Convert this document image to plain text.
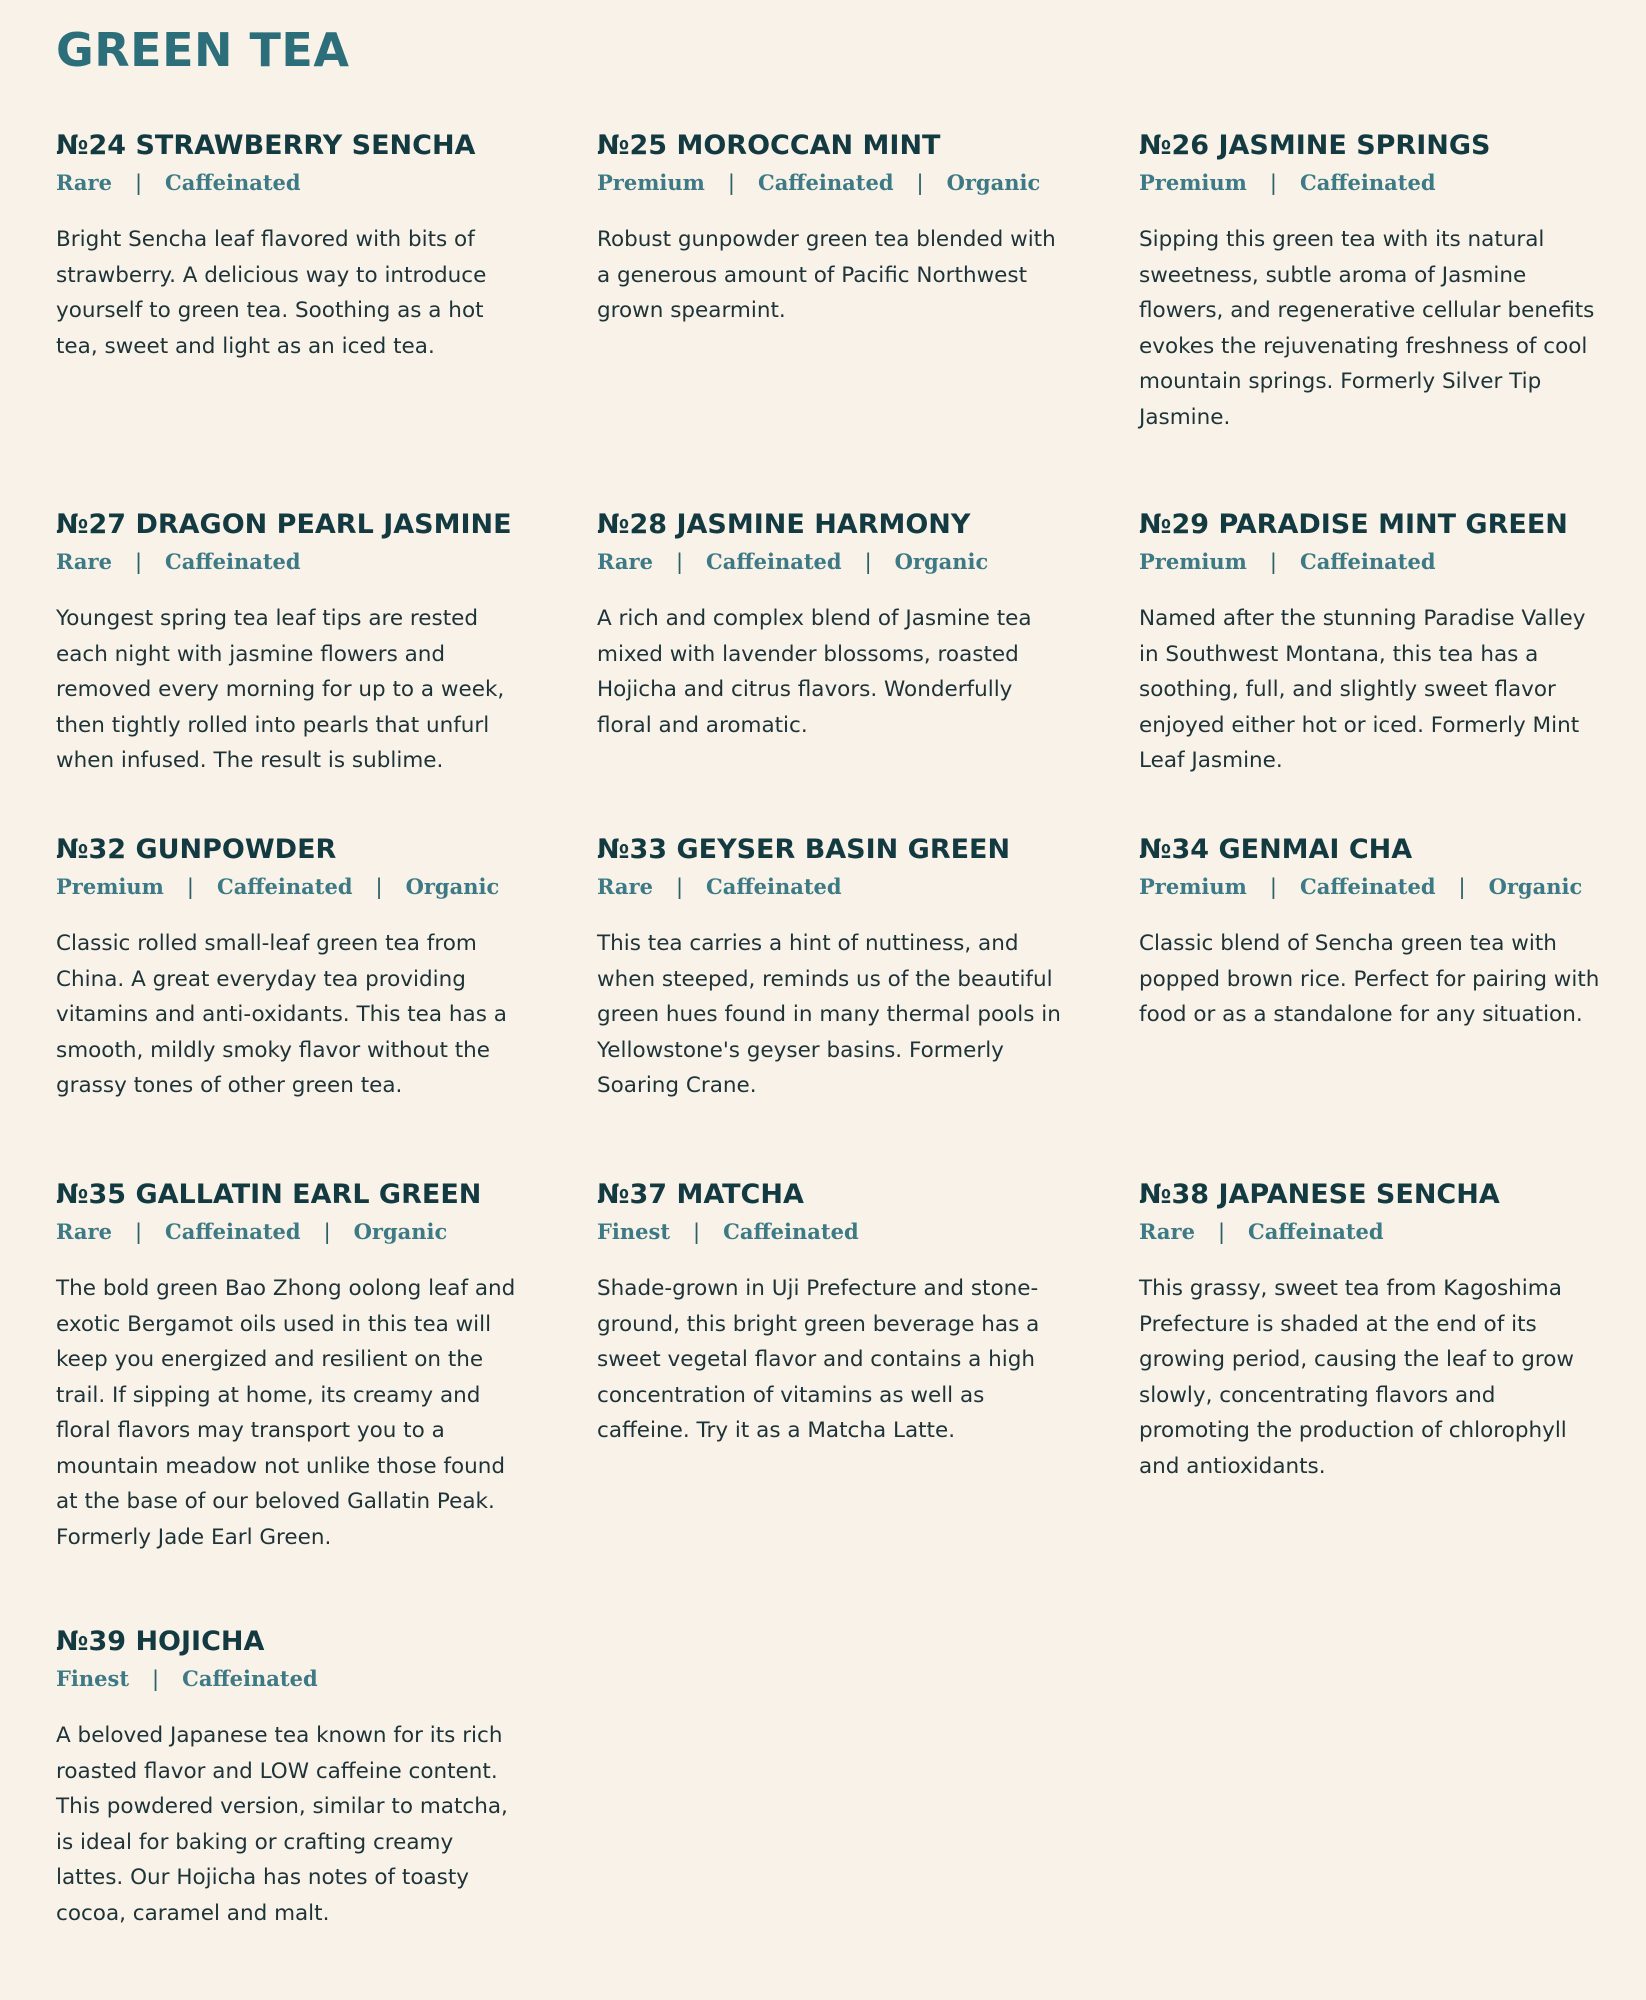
GREEN TEA
№24 STRAWBERRY SENCHA
Rare | Caffeinated

Bright Sencha leaf flavored with bits of strawberry. A delicious way to introduce yourself to green tea. Soothing as a hot tea, sweet and light as an iced tea.

№25 MOROCCAN MINT
Premium | Caffeinated | Organic

Robust gunpowder green tea blended with a generous amount of Pacific Northwest grown spearmint.

№26 JASMINE SPRINGS
Premium | Caffeinated

Sipping this green tea with its natural sweetness, subtle aroma of Jasmine flowers, and regenerative cellular benefits evokes the rejuvenating freshness of cool mountain springs. Formerly Silver Tip Jasmine.

№27 DRAGON PEARL JASMINE
Rare | Caffeinated

Youngest spring tea leaf tips are rested each night with jasmine flowers and removed every morning for up to a week, then tightly rolled into pearls that unfurl when infused. The result is sublime.

№28 JASMINE HARMONY
Rare | Caffeinated | Organic

A rich and complex blend of Jasmine tea mixed with lavender blossoms, roasted Hojicha and citrus flavors. Wonderfully floral and aromatic.

№29 PARADISE MINT GREEN
Premium | Caffeinated

Named after the stunning Paradise Valley in Southwest Montana, this tea has a soothing, full, and slightly sweet flavor enjoyed either hot or iced. Formerly Mint Leaf Jasmine.

№32 GUNPOWDER
Premium | Caffeinated | Organic

Classic rolled small-leaf green tea from China. A great everyday tea providing vitamins and anti-oxidants. This tea has a smooth, mildly smoky flavor without the grassy tones of other green tea.

№33 GEYSER BASIN GREEN
Rare | Caffeinated

This tea carries a hint of nuttiness, and when steeped, reminds us of the beautiful green hues found in many thermal pools in Yellowstone's geyser basins. Formerly Soaring Crane.

№34 GENMAI CHA
Premium | Caffeinated | Organic

Classic blend of Sencha green tea with popped brown rice. Perfect for pairing with food or as a standalone for any situation.

№35 GALLATIN EARL GREEN
Rare | Caffeinated | Organic

The bold green Bao Zhong oolong leaf and exotic Bergamot oils used in this tea will keep you energized and resilient on the trail. If sipping at home, its creamy and floral flavors may transport you to a mountain meadow not unlike those found at the base of our beloved Gallatin Peak. Formerly Jade Earl Green.

№37 MATCHA
Finest | Caffeinated

Shade-grown in Uji Prefecture and stone-ground, this bright green beverage has a sweet vegetal flavor and contains a high concentration of vitamins as well as caffeine. Try it as a Matcha Latte.

№38 JAPANESE SENCHA
Rare | Caffeinated

This grassy, sweet tea from Kagoshima Prefecture is shaded at the end of its growing period, causing the leaf to grow slowly, concentrating flavors and promoting the production of chlorophyll and antioxidants.

№39 HOJICHA
Finest | Caffeinated

A beloved Japanese tea known for its rich roasted flavor and LOW caffeine content. This powdered version, similar to matcha, is ideal for baking or crafting creamy lattes. Our Hojicha has notes of toasty cocoa, caramel and malt.
